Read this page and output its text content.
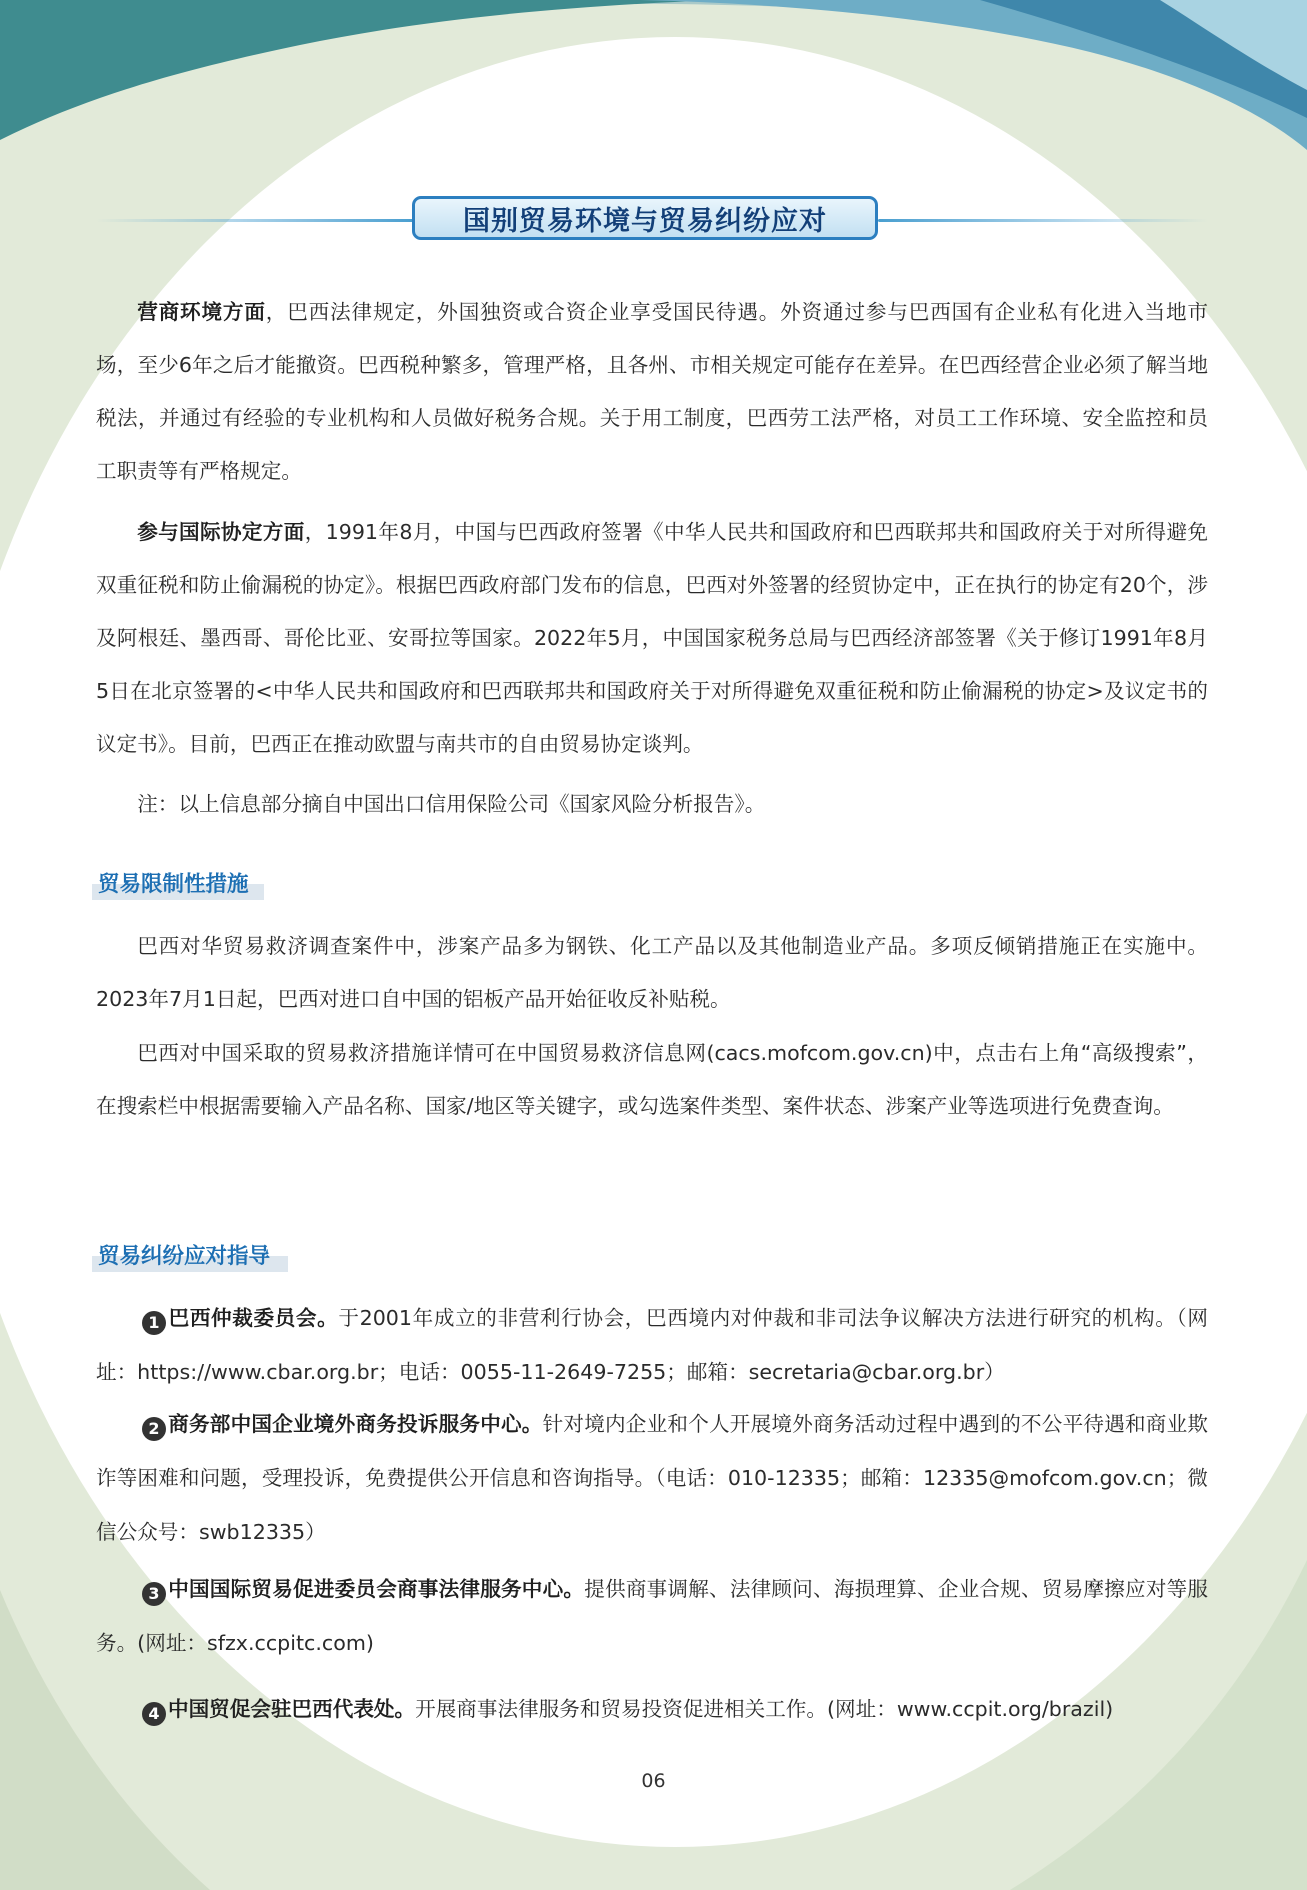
国别贸易环境与贸易纠纷应对

营商环境方面，巴西法律规定，外国独资或合资企业享受国民待遇。外资通过参与巴西国有企业私有化进入当地市场，至少6年之后才能撤资。巴西税种繁多，管理严格，且各州、市相关规定可能存在差异。在巴西经营企业必须了解当地税法，并通过有经验的专业机构和人员做好税务合规。关于用工制度，巴西劳工法严格，对员工工作环境、安全监控和员工职责等有严格规定。

参与国际协定方面，1991年8月，中国与巴西政府签署《中华人民共和国政府和巴西联邦共和国政府关于对所得避免双重征税和防止偷漏税的协定》。根据巴西政府部门发布的信息，巴西对外签署的经贸协定中，正在执行的协定有20个，涉及阿根廷、墨西哥、哥伦比亚、安哥拉等国家。2022年5月，中国国家税务总局与巴西经济部签署《关于修订1991年8月5日在北京签署的<中华人民共和国政府和巴西联邦共和国政府关于对所得避免双重征税和防止偷漏税的协定>及议定书的议定书》。目前，巴西正在推动欧盟与南共市的自由贸易协定谈判。

注：以上信息部分摘自中国出口信用保险公司《国家风险分析报告》。

贸易限制性措施

巴西对华贸易救济调查案件中，涉案产品多为钢铁、化工产品以及其他制造业产品。多项反倾销措施正在实施中。2023年7月1日起，巴西对进口自中国的铝板产品开始征收反补贴税。

巴西对中国采取的贸易救济措施详情可在中国贸易救济信息网(cacs.mofcom.gov.cn)中，点击右上角“高级搜索”，在搜索栏中根据需要输入产品名称、国家/地区等关键字，或勾选案件类型、案件状态、涉案产业等选项进行免费查询。

贸易纠纷应对指导

1 巴西仲裁委员会。于2001年成立的非营利行协会，巴西境内对仲裁和非司法争议解决方法进行研究的机构。（网址：https://www.cbar.org.br；电话：0055-11-2649-7255；邮箱：secretaria@cbar.org.br）

2 商务部中国企业境外商务投诉服务中心。针对境内企业和个人开展境外商务活动过程中遇到的不公平待遇和商业欺诈等困难和问题，受理投诉，免费提供公开信息和咨询指导。（电话：010-12335；邮箱：12335@mofcom.gov.cn；微信公众号：swb12335）

3 中国国际贸易促进委员会商事法律服务中心。提供商事调解、法律顾问、海损理算、企业合规、贸易摩擦应对等服务。(网址：sfzx.ccpitc.com)

4 中国贸促会驻巴西代表处。开展商事法律服务和贸易投资促进相关工作。(网址：www.ccpit.org/brazil)

06
